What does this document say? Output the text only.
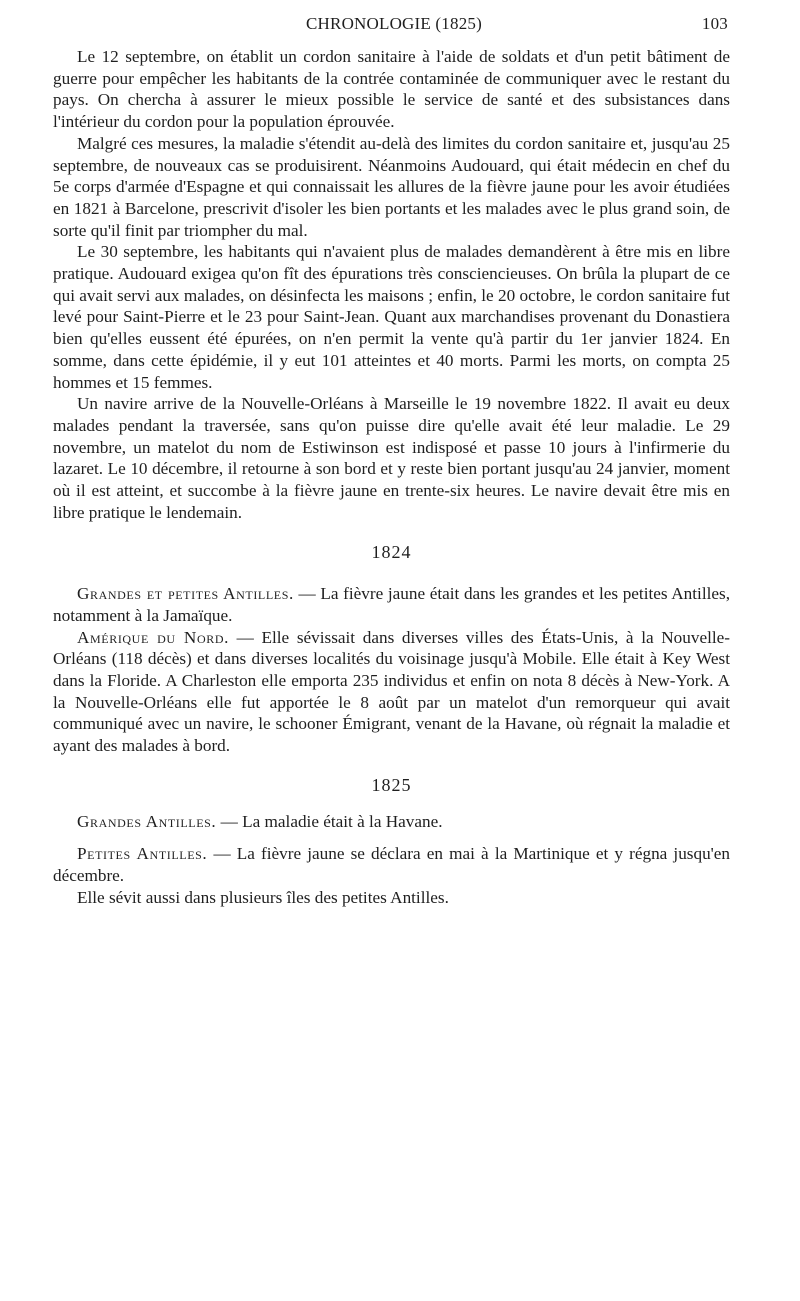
CHRONOLOGIE (1825)	103

Le 12 septembre, on établit un cordon sanitaire à l'aide de soldats et d'un petit bâtiment de guerre pour empêcher les habitants de la contrée contaminée de communiquer avec le restant du pays. On chercha à assurer le mieux possible le service de santé et des subsistances dans l'intérieur du cordon pour la population éprouvée.

Malgré ces mesures, la maladie s'étendit au-delà des limites du cordon sanitaire et, jusqu'au 25 septembre, de nouveaux cas se produisirent. Néanmoins Audouard, qui était médecin en chef du 5e corps d'armée d'Espagne et qui connaissait les allures de la fièvre jaune pour les avoir étudiées en 1821 à Barcelone, prescrivit d'isoler les bien portants et les malades avec le plus grand soin, de sorte qu'il finit par triompher du mal.

Le 30 septembre, les habitants qui n'avaient plus de malades demandèrent à être mis en libre pratique. Audouard exigea qu'on fît des épurations très consciencieuses. On brûla la plupart de ce qui avait servi aux malades, on désinfecta les maisons ; enfin, le 20 octobre, le cordon sanitaire fut levé pour Saint-Pierre et le 23 pour Saint-Jean. Quant aux marchandises provenant du Donastiera bien qu'elles eussent été épurées, on n'en permit la vente qu'à partir du 1er janvier 1824. En somme, dans cette épidémie, il y eut 101 atteintes et 40 morts. Parmi les morts, on compta 25 hommes et 15 femmes.

Un navire arrive de la Nouvelle-Orléans à Marseille le 19 novembre 1822. Il avait eu deux malades pendant la traversée, sans qu'on puisse dire qu'elle avait été leur maladie. Le 29 novembre, un matelot du nom de Estiwinson est indisposé et passe 10 jours à l'infirmerie du lazaret. Le 10 décembre, il retourne à son bord et y reste bien portant jusqu'au 24 janvier, moment où il est atteint, et succombe à la fièvre jaune en trente-six heures. Le navire devait être mis en libre pratique le lendemain.

1824

Grandes et petites Antilles. — La fièvre jaune était dans les grandes et les petites Antilles, notamment à la Jamaïque.

Amérique du Nord. — Elle sévissait dans diverses villes des États-Unis, à la Nouvelle-Orléans (118 décès) et dans diverses localités du voisinage jusqu'à Mobile. Elle était à Key West dans la Floride. A Charleston elle emporta 235 individus et enfin on nota 8 décès à New-York. A la Nouvelle-Orléans elle fut apportée le 8 août par un matelot d'un remorqueur qui avait communiqué avec un navire, le schooner Émigrant, venant de la Havane, où régnait la maladie et ayant des malades à bord.

1825

Grandes Antilles. — La maladie était à la Havane.

Petites Antilles. — La fièvre jaune se déclara en mai à la Martinique et y régna jusqu'en décembre.

Elle sévit aussi dans plusieurs îles des petites Antilles.
